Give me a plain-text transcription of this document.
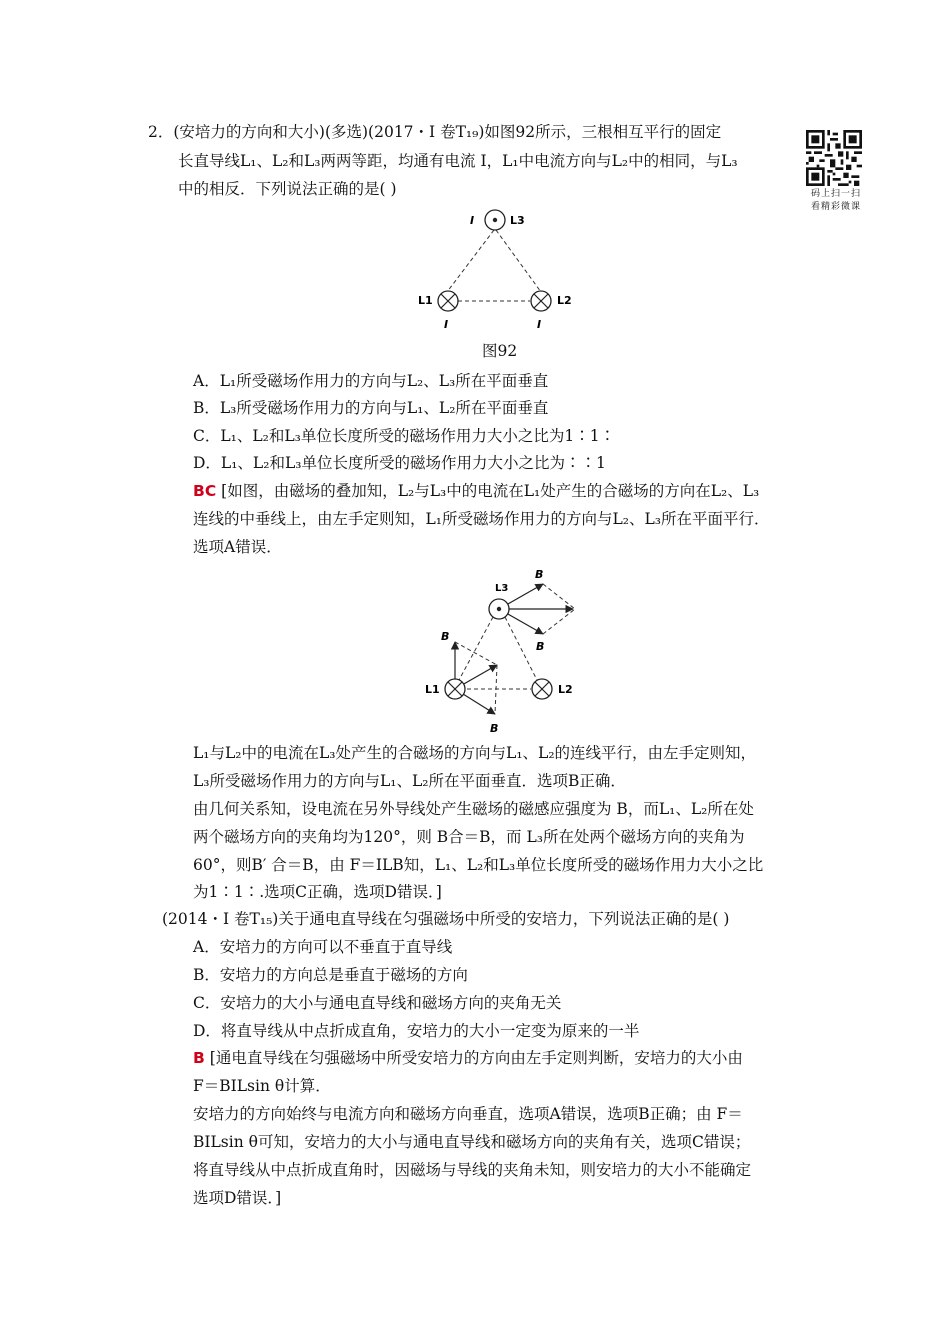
2．(安培力的方向和大小)(多选)(2017・Ⅰ 卷T₁₉)如图92所示，三根相互平行的固定
长直导线L₁、L₂和L₃两两等距，均通有电流 I，L₁中电流方向与L₂中的相同，与L₃
中的相反．下列说法正确的是( )	码上扫一扫
看精彩微课
I	L3
L1	L2
I	I
图92
A．L₁所受磁场作用力的方向与L₂、L₃所在平面垂直
B．L₃所受磁场作用力的方向与L₁、L₂所在平面垂直
C．L₁、L₂和L₃单位长度所受的磁场作用力大小之比为1∶1∶
D．L₁、L₂和L₃单位长度所受的磁场作用力大小之比为∶∶1
BC [如图，由磁场的叠加知，L₂与L₃中的电流在L₁处产生的合磁场的方向在L₂、L₃
连线的中垂线上，由左手定则知，L₁所受磁场作用力的方向与L₂、L₃所在平面平行．
选项A错误．
L3
B
B
B
B
L1	L2
L₁与L₂中的电流在L₃处产生的合磁场的方向与L₁、L₂的连线平行，由左手定则知，
L₃所受磁场作用力的方向与L₁、L₂所在平面垂直．选项B正确．
由几何关系知，设电流在另外导线处产生磁场的磁感应强度为 B，而L₁、L₂所在处
两个磁场方向的夹角均为120°，则 B合＝B，而 L₃所在处两个磁场方向的夹角为
60°，则B′ 合＝B，由 F＝ILB知，L₁、L₂和L₃单位长度所受的磁场作用力大小之比
为1∶1∶.选项C正确，选项D错误．]
(2014・Ⅰ 卷T₁₅)关于通电直导线在匀强磁场中所受的安培力，下列说法正确的是( )
A．安培力的方向可以不垂直于直导线
B．安培力的方向总是垂直于磁场的方向
C．安培力的大小与通电直导线和磁场方向的夹角无关
D．将直导线从中点折成直角，安培力的大小一定变为原来的一半
B [通电直导线在匀强磁场中所受安培力的方向由左手定则判断，安培力的大小由
F＝BILsin θ计算．
安培力的方向始终与电流方向和磁场方向垂直，选项A错误，选项B正确；由 F＝
BILsin θ可知，安培力的大小与通电直导线和磁场方向的夹角有关，选项C错误；
将直导线从中点折成直角时，因磁场与导线的夹角未知，则安培力的大小不能确定
选项D错误．]
